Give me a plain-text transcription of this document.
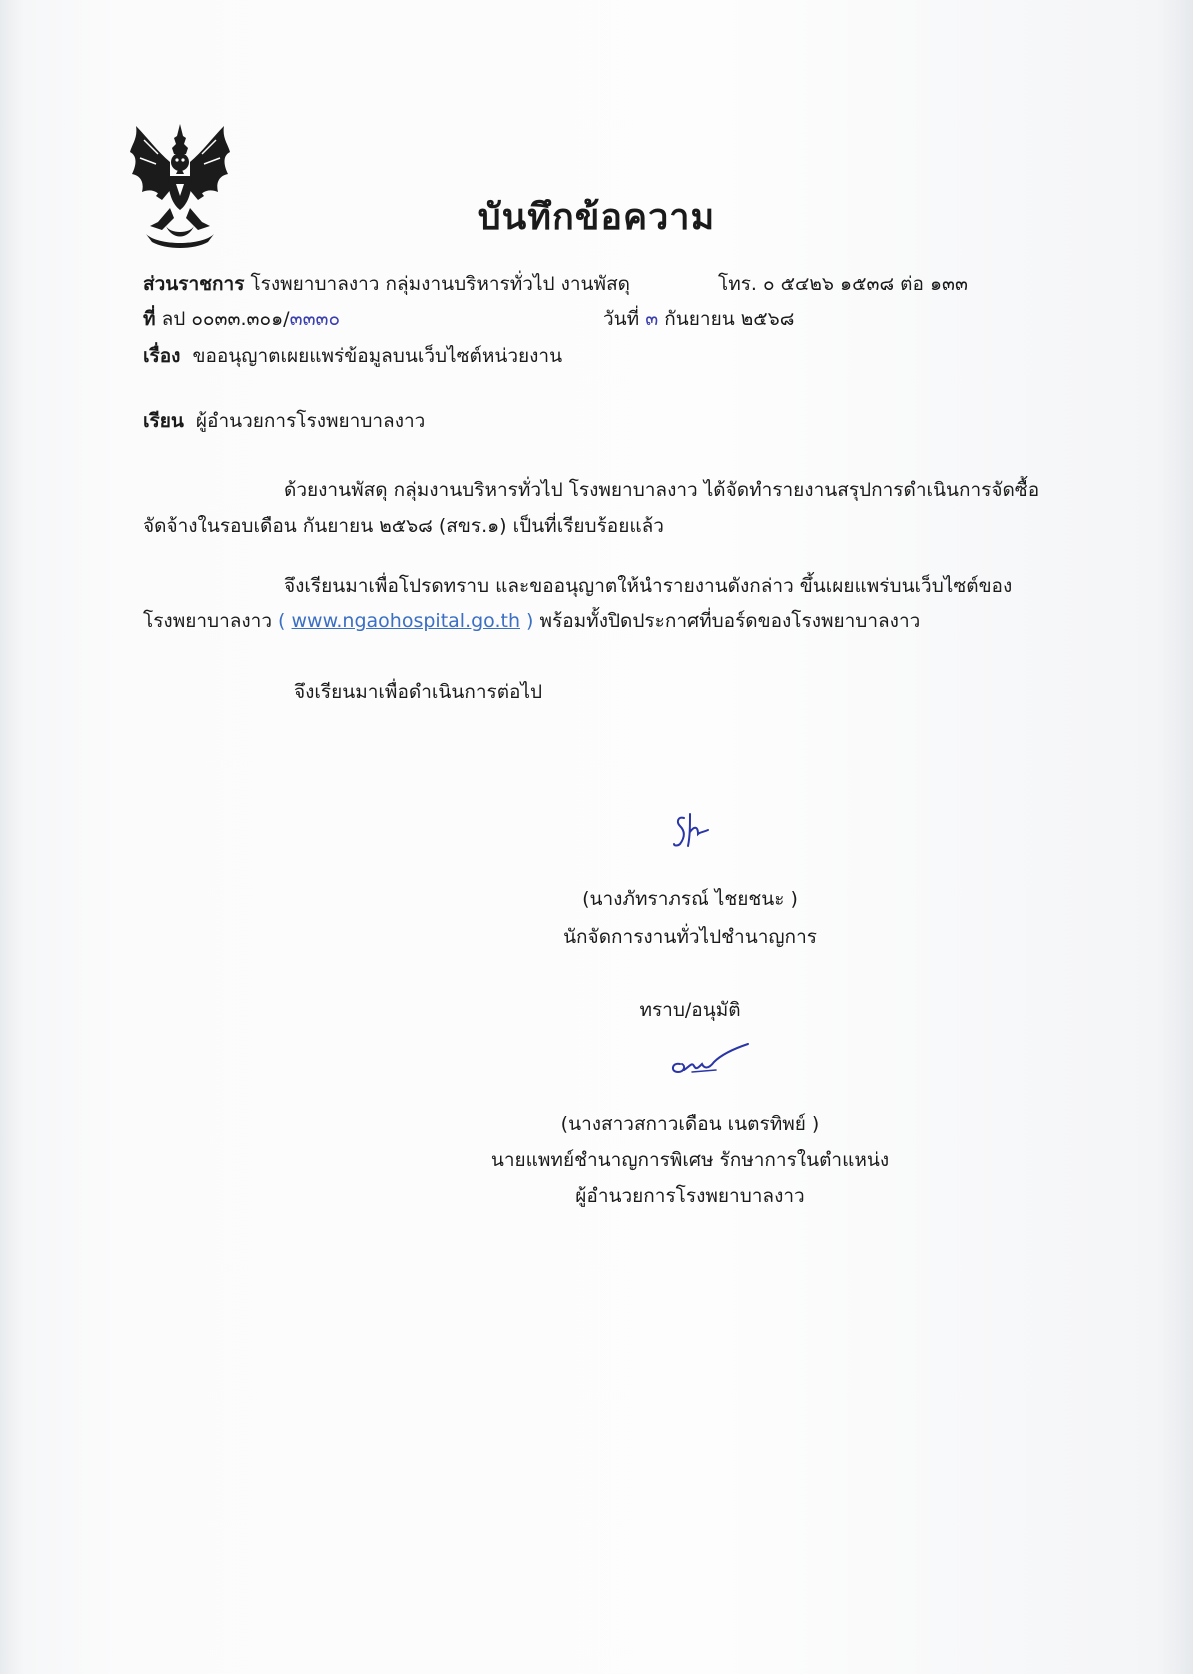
บันทึกข้อความ
ส่วนราชการ โรงพยาบาลงาว กลุ่มงานบริหารทั่วไป งานพัสดุ	โทร. ๐ ๕๔๒๖ ๑๕๓๘ ต่อ ๑๓๓
ที่ ลป ๐๐๓๓.๓๐๑/๓๓๓๐	วันที่ ๓ กันยายน ๒๕๖๘
เรื่อง ขออนุญาตเผยแพร่ข้อมูลบนเว็บไซต์หน่วยงาน
เรียน ผู้อำนวยการโรงพยาบาลงาว
ด้วยงานพัสดุ กลุ่มงานบริหารทั่วไป โรงพยาบาลงาว ได้จัดทำรายงานสรุปการดำเนินการจัดซื้อ
จัดจ้างในรอบเดือน กันยายน ๒๕๖๘ (สขร.๑) เป็นที่เรียบร้อยแล้ว
จึงเรียนมาเพื่อโปรดทราบ และขออนุญาตให้นำรายงานดังกล่าว ขึ้นเผยแพร่บนเว็บไซต์ของ
โรงพยาบาลงาว ( www.ngaohospital.go.th ) พร้อมทั้งปิดประกาศที่บอร์ดของโรงพยาบาลงาว
จึงเรียนมาเพื่อดำเนินการต่อไป
(นางภัทราภรณ์ ไชยชนะ )
นักจัดการงานทั่วไปชำนาญการ
ทราบ/อนุมัติ
(นางสาวสกาวเดือน เนตรทิพย์ )
นายแพทย์ชำนาญการพิเศษ รักษาการในตำแหน่ง
ผู้อำนวยการโรงพยาบาลงาว
